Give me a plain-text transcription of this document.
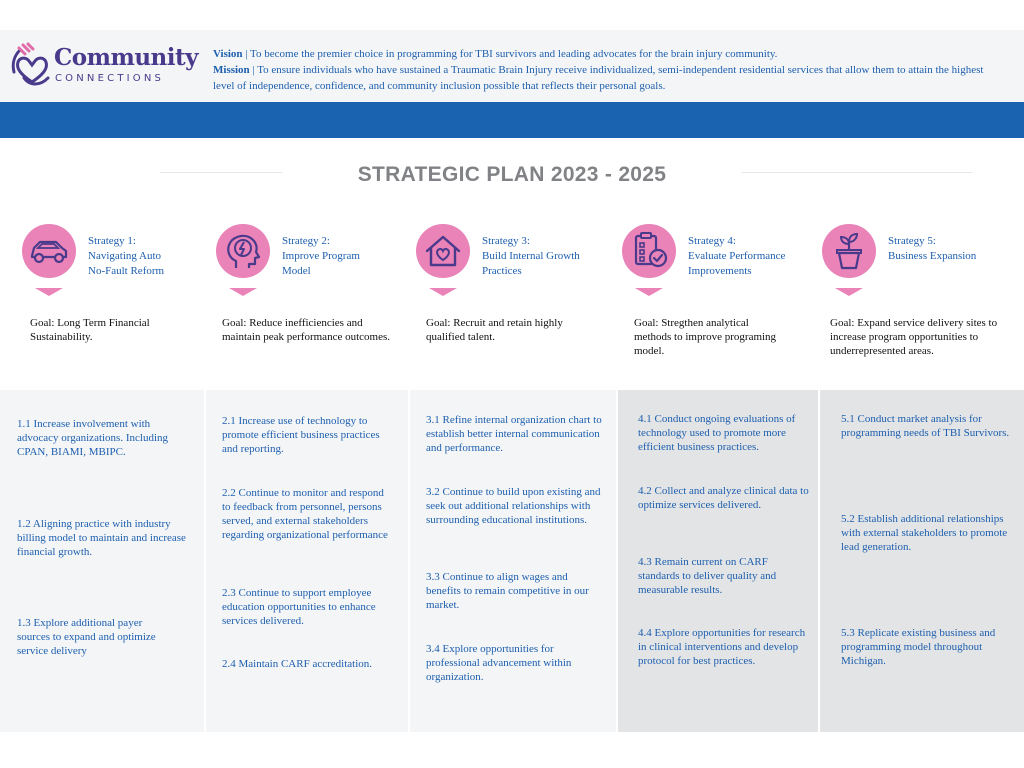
Community
CONNECTIONS
Vision | To become the premier choice in programming for TBI survivors and leading advocates for the brain injury community.
Mission | To ensure individuals who have sustained a Traumatic Brain Injury receive individualized, semi-independent residential services that allow them to attain the highest level of independence, confidence, and community inclusion possible that reflects their personal goals.
STRATEGIC PLAN 2023 - 2025
Strategy 1:
Navigating Auto
No-Fault Reform
Strategy 2:
Improve Program
Model
Strategy 3:
Build Internal Growth
Practices
Strategy 4:
Evaluate Performance
Improvements
Strategy 5:
Business Expansion
Goal: Long Term Financial Sustainability.
Goal: Reduce inefficiencies and maintain peak performance outcomes.
Goal: Recruit and retain highly qualified talent.
Goal: Stregthen analytical methods to improve programing model.
Goal: Expand service delivery sites to increase program opportunities to underrepresented areas.
1.1 Increase involvement with advocacy organizations. Including CPAN, BIAMI, MBIPC.
1.2 Aligning practice with industry billing model to maintain and increase financial growth.
1.3 Explore additional payer sources to expand and optimize service delivery
2.1 Increase use of technology to promote efficient business practices and reporting.
2.2 Continue to monitor and respond to feedback from personnel, persons served, and external stakeholders regarding organizational performance
2.3 Continue to support employee education opportunities to enhance services delivered.
2.4 Maintain CARF accreditation.
3.1 Refine internal organization chart to establish better internal communication and performance.
3.2 Continue to build upon existing and seek out additional relationships with surrounding educational institutions.
3.3 Continue to align wages and benefits to remain competitive in our market.
3.4 Explore opportunities for professional advancement within organization.
4.1 Conduct ongoing evaluations of technology used to promote more efficient business practices.
4.2 Collect and analyze clinical data to optimize services delivered.
4.3 Remain current on CARF standards to deliver quality and measurable results.
4.4 Explore opportunities for research in clinical interventions and develop protocol for best practices.
5.1 Conduct market analysis for programming needs of TBI Survivors.
5.2 Establish additional relationships with external stakeholders to promote lead generation.
5.3 Replicate existing business and programming model throughout Michigan.
